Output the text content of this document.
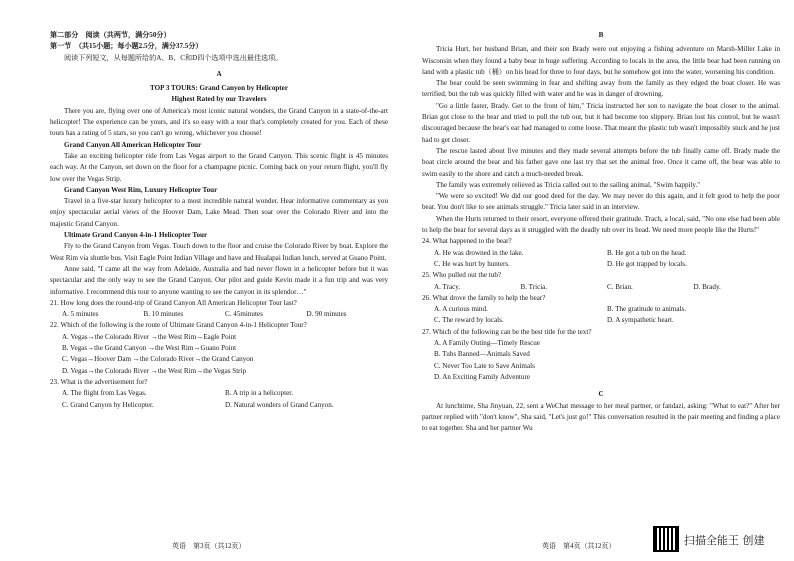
第二部分　阅读（共两节，满分50分）

第一节　（共15小题；每小题2.5分，满分37.5分）

阅读下列短文，从每题所给的A、B、C和D四个选项中选出最佳选项。

A

TOP 3 TOURS: Grand Canyon by Helicopter

Highest Rated by our Travelers

There you are, flying over one of America's most iconic natural wonders, the Grand Canyon in a state-of-the-art helicopter! The experience can be yours, and it's so easy with a tour that's completely created for you. Each of these tours has a rating of 5 stars, so you can't go wrong, whichever you choose!

Grand Canyon All American Helicopter Tour

Take an exciting helicopter ride from Las Vegas airport to the Grand Canyon. This scenic flight is 45 minutes each way. At the Canyon, set down on the floor for a champagne picnic. Coming back on your return flight, you'll fly low over the Vegas Strip.

Grand Canyon West Rim, Luxury Helicopter Tour

Travel in a five-star luxury helicopter to a most incredible natural wonder. Hear informative commentary as you enjoy spectacular aerial views of the Hoover Dam, Lake Mead. Then soar over the Colorado River and into the majestic Grand Canyon.

Ultimate Grand Canyon 4-in-1 Helicopter Tour

Fly to the Grand Canyon from Vegas. Touch down to the floor and cruise the Colorado River by boat. Explore the West Rim via shuttle bus. Visit Eagle Point Indian Village and have and Hualapai Indian lunch, served at Guano Point.

Anne said, "I came all the way from Adelaide, Australia and had never flown in a helicopter before but it was spectacular and the only way to see the Grand Canyon. Our pilot and guide Kevin made it a fun trip and was very informative. I recommend this tour to anyone wanting to see the canyon in its splendor…"

21. How long does the round-trip of Grand Canyon All American Helicopter Tour last?

A. 5 minutes	B. 10 minutes	C. 45minutes	D. 90 minutes

22. Which of the following is the route of Ultimate Grand Canyon 4-in-1 Helicopter Tour?

A. Vegas→the Colorado River →the West Rim→Eagle Point

B. Vegas→the Grand Canyon →the West Rim→Guano Point

C. Vegas→Hoover Dam →the Colorado River→the Grand Canyon

D. Vegas→the Colorado River →the West Rim→the Vegas Strip

23. What is the advertisement for?

A. The flight from Las Vegas.	B. A trip in a helicopter.
C. Grand Canyon by Helicopter.	D. Natural wonders of Grand Canyon.
英语　第3页（共12页）

B

Tricia Hurt, her husband Brian, and their son Brady were out enjoying a fishing adventure on Marsh-Miller Lake in Wisconsin when they found a baby bear in huge suffering. According to locals in the area, the little bear had been running on land with a plastic tub（桶）on his head for three to four days, but he somehow got into the water, worsening his condition.

The bear could be seen swimming in fear and shifting away from the family as they edged the boat closer. He was terrified, but the tub was quickly filled with water and he was in danger of drowning.

"Go a little faster, Brady. Get to the front of him," Tricia instructed her son to navigate the boat closer to the animal. Brian got close to the bear and tried to pull the tub out, but it had become too slippery. Brian lost his control, but he wasn't discouraged because the bear's ear had managed to come loose. That meant the plastic tub wasn't impossibly stuck and he just had to get closer.

The rescue lasted about five minutes and they made several attempts before the tub finally came off. Brady made the boat circle around the bear and his father gave one last try that set the animal free. Once it came off, the bear was able to swim easily to the shore and catch a much-needed break.

The family was extremely relieved as Tricia called out to the sailing animal, "Swim happily."

"We were so excited! We did our good deed for the day. We may never do this again, and it felt good to help the poor bear. You don't like to see animals struggle." Tricia later said in an interview.

When the Hurts returned to their resort, everyone offered their gratitude. Trach, a local, said, "No one else had been able to help the bear for several days as it struggled with the deadly tub over its head. We need more people like the Hurts!"

24. What happened to the bear?

A. He was drowned in the lake.	B. He got a tub on the head.
C. He was hurt by hunters.	D. He got trapped by locals.

25. Who pulled out the tub?

A. Tracy.	B. Tricia.	C. Brian.	D. Brady.

26. What drove the family to help the bear?

A. A curious mind.	B. The gratitude to animals.
C. The reward by locals.	D. A sympathetic heart.

27. Which of the following can be the best title for the text?

A. A Family Outing—Timely Rescue

B. Tubs Banned—Animals Saved

C. Never Too Late to Save Animals

D. An Exciting Family Adventure

C

At lunchtime, Sha Jinyuan, 22, sent a WeChat message to her meal partner, or fandazi, asking: "What to eat?" After her partner replied with "don't know", Sha said, "Let's just go!" This conversation resulted in the pair meeting and finding a place to eat together. Sha and her partner Wu

英语　第4页（共12页）	扫描全能王 创建
